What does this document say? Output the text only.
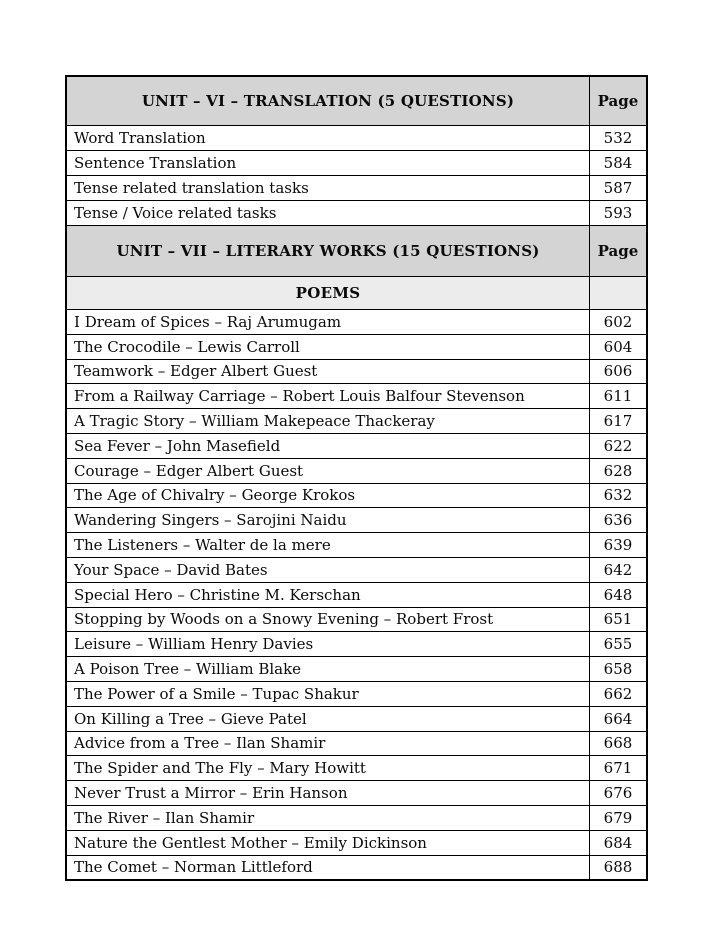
UNIT – VI – TRANSLATION (5 QUESTIONS)	Page
Word Translation	532
Sentence Translation	584
Tense related translation tasks	587
Tense / Voice related tasks	593
UNIT – VII – LITERARY WORKS (15 QUESTIONS)	Page
POEMS
I Dream of Spices – Raj Arumugam	602
The Crocodile – Lewis Carroll	604
Teamwork – Edger Albert Guest	606
From a Railway Carriage – Robert Louis Balfour Stevenson	611
A Tragic Story – William Makepeace Thackeray	617
Sea Fever – John Masefield	622
Courage – Edger Albert Guest	628
The Age of Chivalry – George Krokos	632
Wandering Singers – Sarojini Naidu	636
The Listeners – Walter de la mere	639
Your Space – David Bates	642
Special Hero – Christine M. Kerschan	648
Stopping by Woods on a Snowy Evening – Robert Frost	651
Leisure – William Henry Davies	655
A Poison Tree – William Blake	658
The Power of a Smile – Tupac Shakur	662
On Killing a Tree – Gieve Patel	664
Advice from a Tree – Ilan Shamir	668
The Spider and The Fly – Mary Howitt	671
Never Trust a Mirror – Erin Hanson	676
The River – Ilan Shamir	679
Nature the Gentlest Mother – Emily Dickinson	684
The Comet – Norman Littleford	688
